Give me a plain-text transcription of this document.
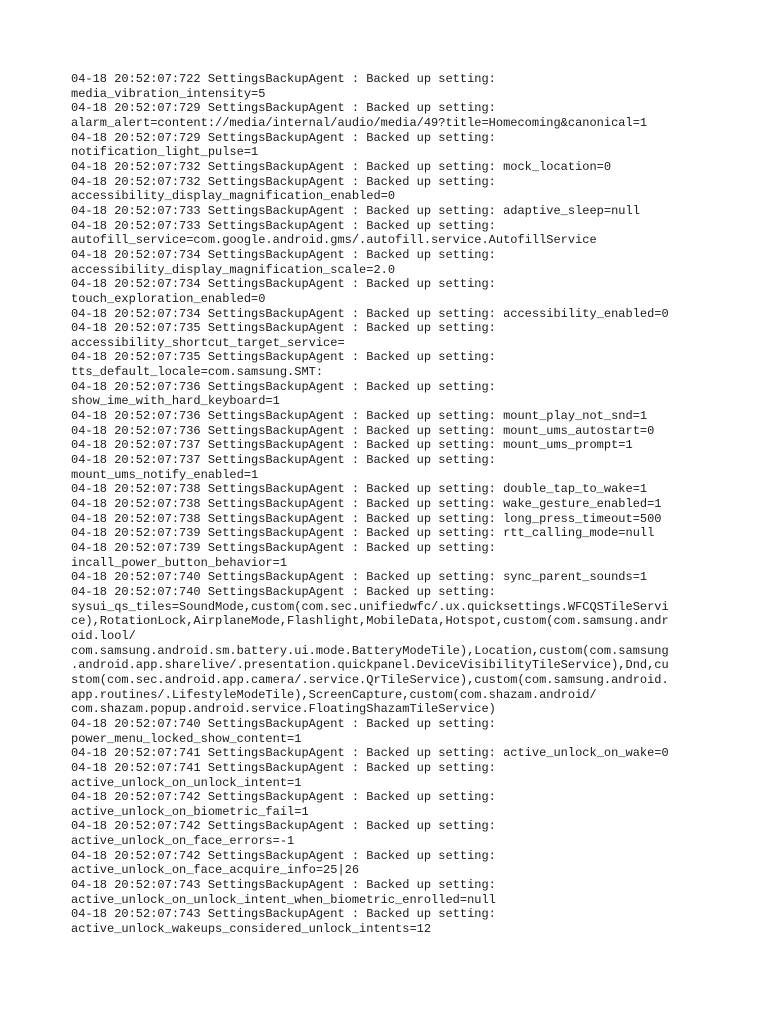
04-18 20:52:07:722 SettingsBackupAgent : Backed up setting:
media_vibration_intensity=5
04-18 20:52:07:729 SettingsBackupAgent : Backed up setting:
alarm_alert=content://media/internal/audio/media/49?title=Homecoming&canonical=1
04-18 20:52:07:729 SettingsBackupAgent : Backed up setting:
notification_light_pulse=1
04-18 20:52:07:732 SettingsBackupAgent : Backed up setting: mock_location=0
04-18 20:52:07:732 SettingsBackupAgent : Backed up setting:
accessibility_display_magnification_enabled=0
04-18 20:52:07:733 SettingsBackupAgent : Backed up setting: adaptive_sleep=null
04-18 20:52:07:733 SettingsBackupAgent : Backed up setting:
autofill_service=com.google.android.gms/.autofill.service.AutofillService
04-18 20:52:07:734 SettingsBackupAgent : Backed up setting:
accessibility_display_magnification_scale=2.0
04-18 20:52:07:734 SettingsBackupAgent : Backed up setting:
touch_exploration_enabled=0
04-18 20:52:07:734 SettingsBackupAgent : Backed up setting: accessibility_enabled=0
04-18 20:52:07:735 SettingsBackupAgent : Backed up setting:
accessibility_shortcut_target_service=
04-18 20:52:07:735 SettingsBackupAgent : Backed up setting:
tts_default_locale=com.samsung.SMT:
04-18 20:52:07:736 SettingsBackupAgent : Backed up setting:
show_ime_with_hard_keyboard=1
04-18 20:52:07:736 SettingsBackupAgent : Backed up setting: mount_play_not_snd=1
04-18 20:52:07:736 SettingsBackupAgent : Backed up setting: mount_ums_autostart=0
04-18 20:52:07:737 SettingsBackupAgent : Backed up setting: mount_ums_prompt=1
04-18 20:52:07:737 SettingsBackupAgent : Backed up setting:
mount_ums_notify_enabled=1
04-18 20:52:07:738 SettingsBackupAgent : Backed up setting: double_tap_to_wake=1
04-18 20:52:07:738 SettingsBackupAgent : Backed up setting: wake_gesture_enabled=1
04-18 20:52:07:738 SettingsBackupAgent : Backed up setting: long_press_timeout=500
04-18 20:52:07:739 SettingsBackupAgent : Backed up setting: rtt_calling_mode=null
04-18 20:52:07:739 SettingsBackupAgent : Backed up setting:
incall_power_button_behavior=1
04-18 20:52:07:740 SettingsBackupAgent : Backed up setting: sync_parent_sounds=1
04-18 20:52:07:740 SettingsBackupAgent : Backed up setting:
sysui_qs_tiles=SoundMode,custom(com.sec.unifiedwfc/.ux.quicksettings.WFCQSTileServi
ce),RotationLock,AirplaneMode,Flashlight,MobileData,Hotspot,custom(com.samsung.andr
oid.lool/
com.samsung.android.sm.battery.ui.mode.BatteryModeTile),Location,custom(com.samsung
.android.app.sharelive/.presentation.quickpanel.DeviceVisibilityTileService),Dnd,cu
stom(com.sec.android.app.camera/.service.QrTileService),custom(com.samsung.android.
app.routines/.LifestyleModeTile),ScreenCapture,custom(com.shazam.android/
com.shazam.popup.android.service.FloatingShazamTileService)
04-18 20:52:07:740 SettingsBackupAgent : Backed up setting:
power_menu_locked_show_content=1
04-18 20:52:07:741 SettingsBackupAgent : Backed up setting: active_unlock_on_wake=0
04-18 20:52:07:741 SettingsBackupAgent : Backed up setting:
active_unlock_on_unlock_intent=1
04-18 20:52:07:742 SettingsBackupAgent : Backed up setting:
active_unlock_on_biometric_fail=1
04-18 20:52:07:742 SettingsBackupAgent : Backed up setting:
active_unlock_on_face_errors=-1
04-18 20:52:07:742 SettingsBackupAgent : Backed up setting:
active_unlock_on_face_acquire_info=25|26
04-18 20:52:07:743 SettingsBackupAgent : Backed up setting:
active_unlock_on_unlock_intent_when_biometric_enrolled=null
04-18 20:52:07:743 SettingsBackupAgent : Backed up setting:
active_unlock_wakeups_considered_unlock_intents=12
